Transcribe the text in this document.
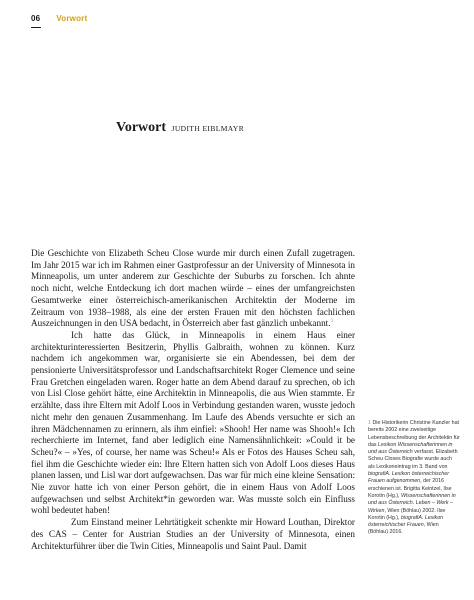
06 Vorwort
Vorwort JUDITH EIBLMAYR

Die Geschichte von Elizabeth Scheu Close wurde mir durch einen Zufall zugetragen. Im Jahr 2015 war ich im Rahmen einer Gastprofessur an der University of Minnesota in Minneapolis, um unter anderem zur Geschichte der Suburbs zu forschen. Ich ahnte noch nicht, welche Entdeckung ich dort machen würde – eines der umfangreichsten Gesamtwerke einer österreichisch-amerikanischen Architektin der Moderne im Zeitraum von 1938–1988, als eine der ersten Frauen mit den höchsten fachlichen Auszeichnungen in den USA bedacht, in Österreich aber fast gänzlich unbekannt.$^1$

Ich hatte das Glück, in Minneapolis in einem Haus einer architekturinteressierten Besitzerin, Phyllis Galbraith, wohnen zu können. Kurz nachdem ich angekommen war, organisierte sie ein Abendessen, bei dem der pensionierte Universitätsprofessor und Landschaftsarchitekt Roger Clemence und seine Frau Gretchen eingeladen waren. Roger hatte an dem Abend darauf zu sprechen, ob ich von Lisl Close gehört hätte, eine Architektin in Minneapolis, die aus Wien stammte. Er erzählte, dass ihre Eltern mit Adolf Loos in Verbindung gestanden waren, wusste jedoch nicht mehr den genauen Zusammenhang. Im Laufe des Abends versuchte er sich an ihren Mädchennamen zu erinnern, als ihm einfiel: »Shooh! Her name was Shooh!« Ich recherchierte im Internet, fand aber lediglich eine Namensähnlichkeit: »Could it be Scheu?« – »Yes, of course, her name was Scheu!« Als er Fotos des Hauses Scheu sah, fiel ihm die Geschichte wieder ein: Ihre Eltern hatten sich von Adolf Loos dieses Haus planen lassen, und Lisl war dort aufgewachsen. Das war für mich eine kleine Sensation: Nie zuvor hatte ich von einer Person gehört, die in einem Haus von Adolf Loos aufgewachsen und selbst Architekt*in geworden war. Was musste solch ein Einfluss wohl bedeutet haben!

Zum Einstand meiner Lehrtätigkeit schenkte mir Howard Louthan, Direktor des CAS – Center for Austrian Studies an der University of Minnesota, einen Architekturführer über die Twin Cities, Minneapolis und Saint Paul. Damit

1 Die Historikerin Christine Kanzler hat bereits 2002 eine zweiseitige Lebensbeschreibung der Architektin für das Lexikon Wissenschafterinnen in und aus Österreich verfasst. Elizabeth Scheu Closes Biografie wurde auch als Lexikoneintrag im 3. Band von biografiA. Lexikon österreichischer Frauen aufgenommen, der 2016 erschienen ist. Brigitta Keintzel, Ilse Korotin (Hg.), Wissenschafterinnen in und aus Österreich. Leben – Werk – Wirken, Wien (Böhlau) 2002. Ilse Korotin (Hg.), biografiA. Lexikon österreichischer Frauen, Wien (Böhlau) 2016.
